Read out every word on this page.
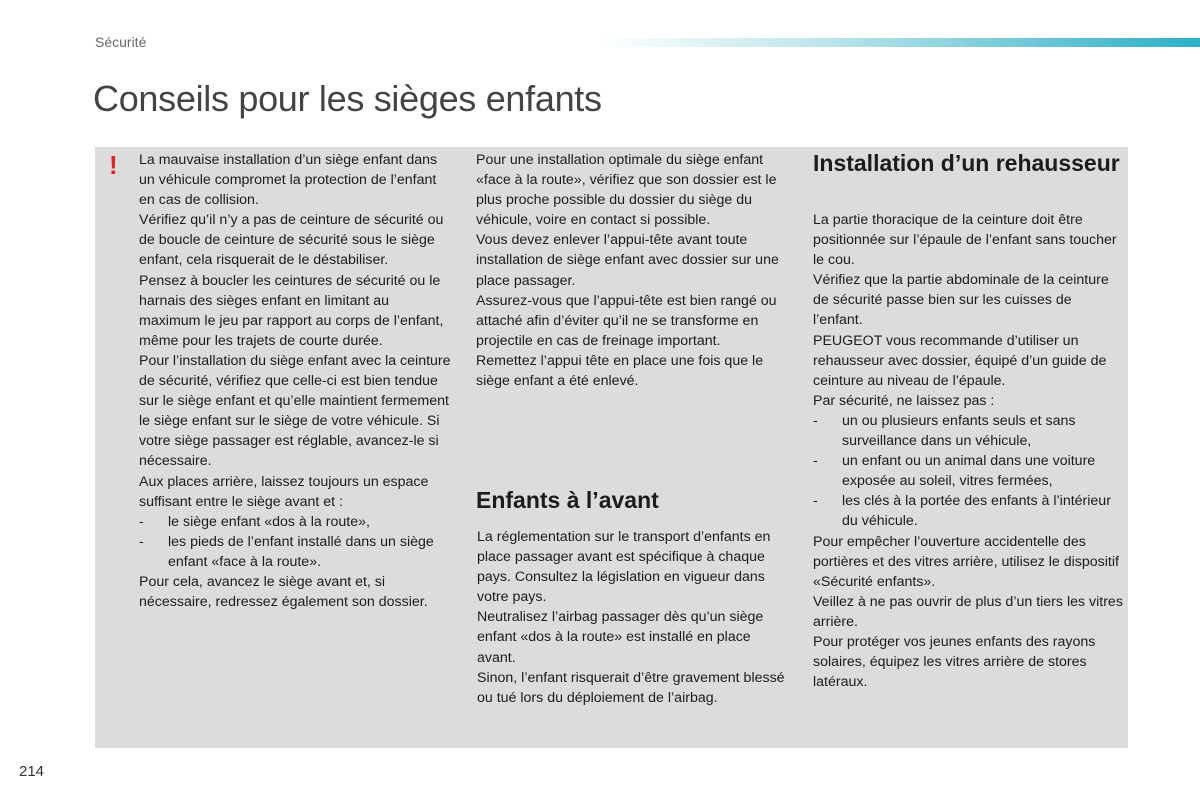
Sécurité
Conseils pour les sièges enfants
! La mauvaise installation d’un siège enfant dans un véhicule compromet la protection de l’enfant en cas de collision.

Vérifiez qu’il n’y a pas de ceinture de sécurité ou de boucle de ceinture de sécurité sous le siège enfant, cela risquerait de le déstabiliser.

Pensez à boucler les ceintures de sécurité ou le harnais des sièges enfant en limitant au maximum le jeu par rapport au corps de l’enfant, même pour les trajets de courte durée.

Pour l’installation du siège enfant avec la ceinture de sécurité, vérifiez que celle-ci est bien tendue sur le siège enfant et qu’elle maintient fermement le siège enfant sur le siège de votre véhicule. Si votre siège passager est réglable, avancez-le si nécessaire.

Aux places arrière, laissez toujours un espace suffisant entre le siège avant et :

-	le siège enfant «dos à la route»,
-	les pieds de l’enfant installé dans un siège enfant «face à la route».

Pour cela, avancez le siège avant et, si nécessaire, redressez également son dossier.

Pour une installation optimale du siège enfant «face à la route», vérifiez que son dossier est le plus proche possible du dossier du siège du véhicule, voire en contact si possible.

Vous devez enlever l’appui-tête avant toute installation de siège enfant avec dossier sur une place passager.

Assurez-vous que l’appui-tête est bien rangé ou attaché afin d’éviter qu’il ne se transforme en projectile en cas de freinage important.

Remettez l’appui tête en place une fois que le siège enfant a été enlevé.

Enfants à l’avant

La réglementation sur le transport d’enfants en place passager avant est spécifique à chaque pays. Consultez la législation en vigueur dans votre pays.

Neutralisez l’airbag passager dès qu’un siège enfant «dos à la route» est installé en place avant.

Sinon, l’enfant risquerait d’être gravement blessé ou tué lors du déploiement de l’airbag.

Installation d’un rehausseur

La partie thoracique de la ceinture doit être positionnée sur l’épaule de l’enfant sans toucher le cou.

Vérifiez que la partie abdominale de la ceinture de sécurité passe bien sur les cuisses de l’enfant.

PEUGEOT vous recommande d’utiliser un rehausseur avec dossier, équipé d’un guide de ceinture au niveau de l’épaule.

Par sécurité, ne laissez pas :

-	un ou plusieurs enfants seuls et sans surveillance dans un véhicule,
-	un enfant ou un animal dans une voiture exposée au soleil, vitres fermées,
-	les clés à la portée des enfants à l’intérieur du véhicule.

Pour empêcher l’ouverture accidentelle des portières et des vitres arrière, utilisez le dispositif «Sécurité enfants».

Veillez à ne pas ouvrir de plus d’un tiers les vitres arrière.

Pour protéger vos jeunes enfants des rayons solaires, équipez les vitres arrière de stores latéraux.

214
